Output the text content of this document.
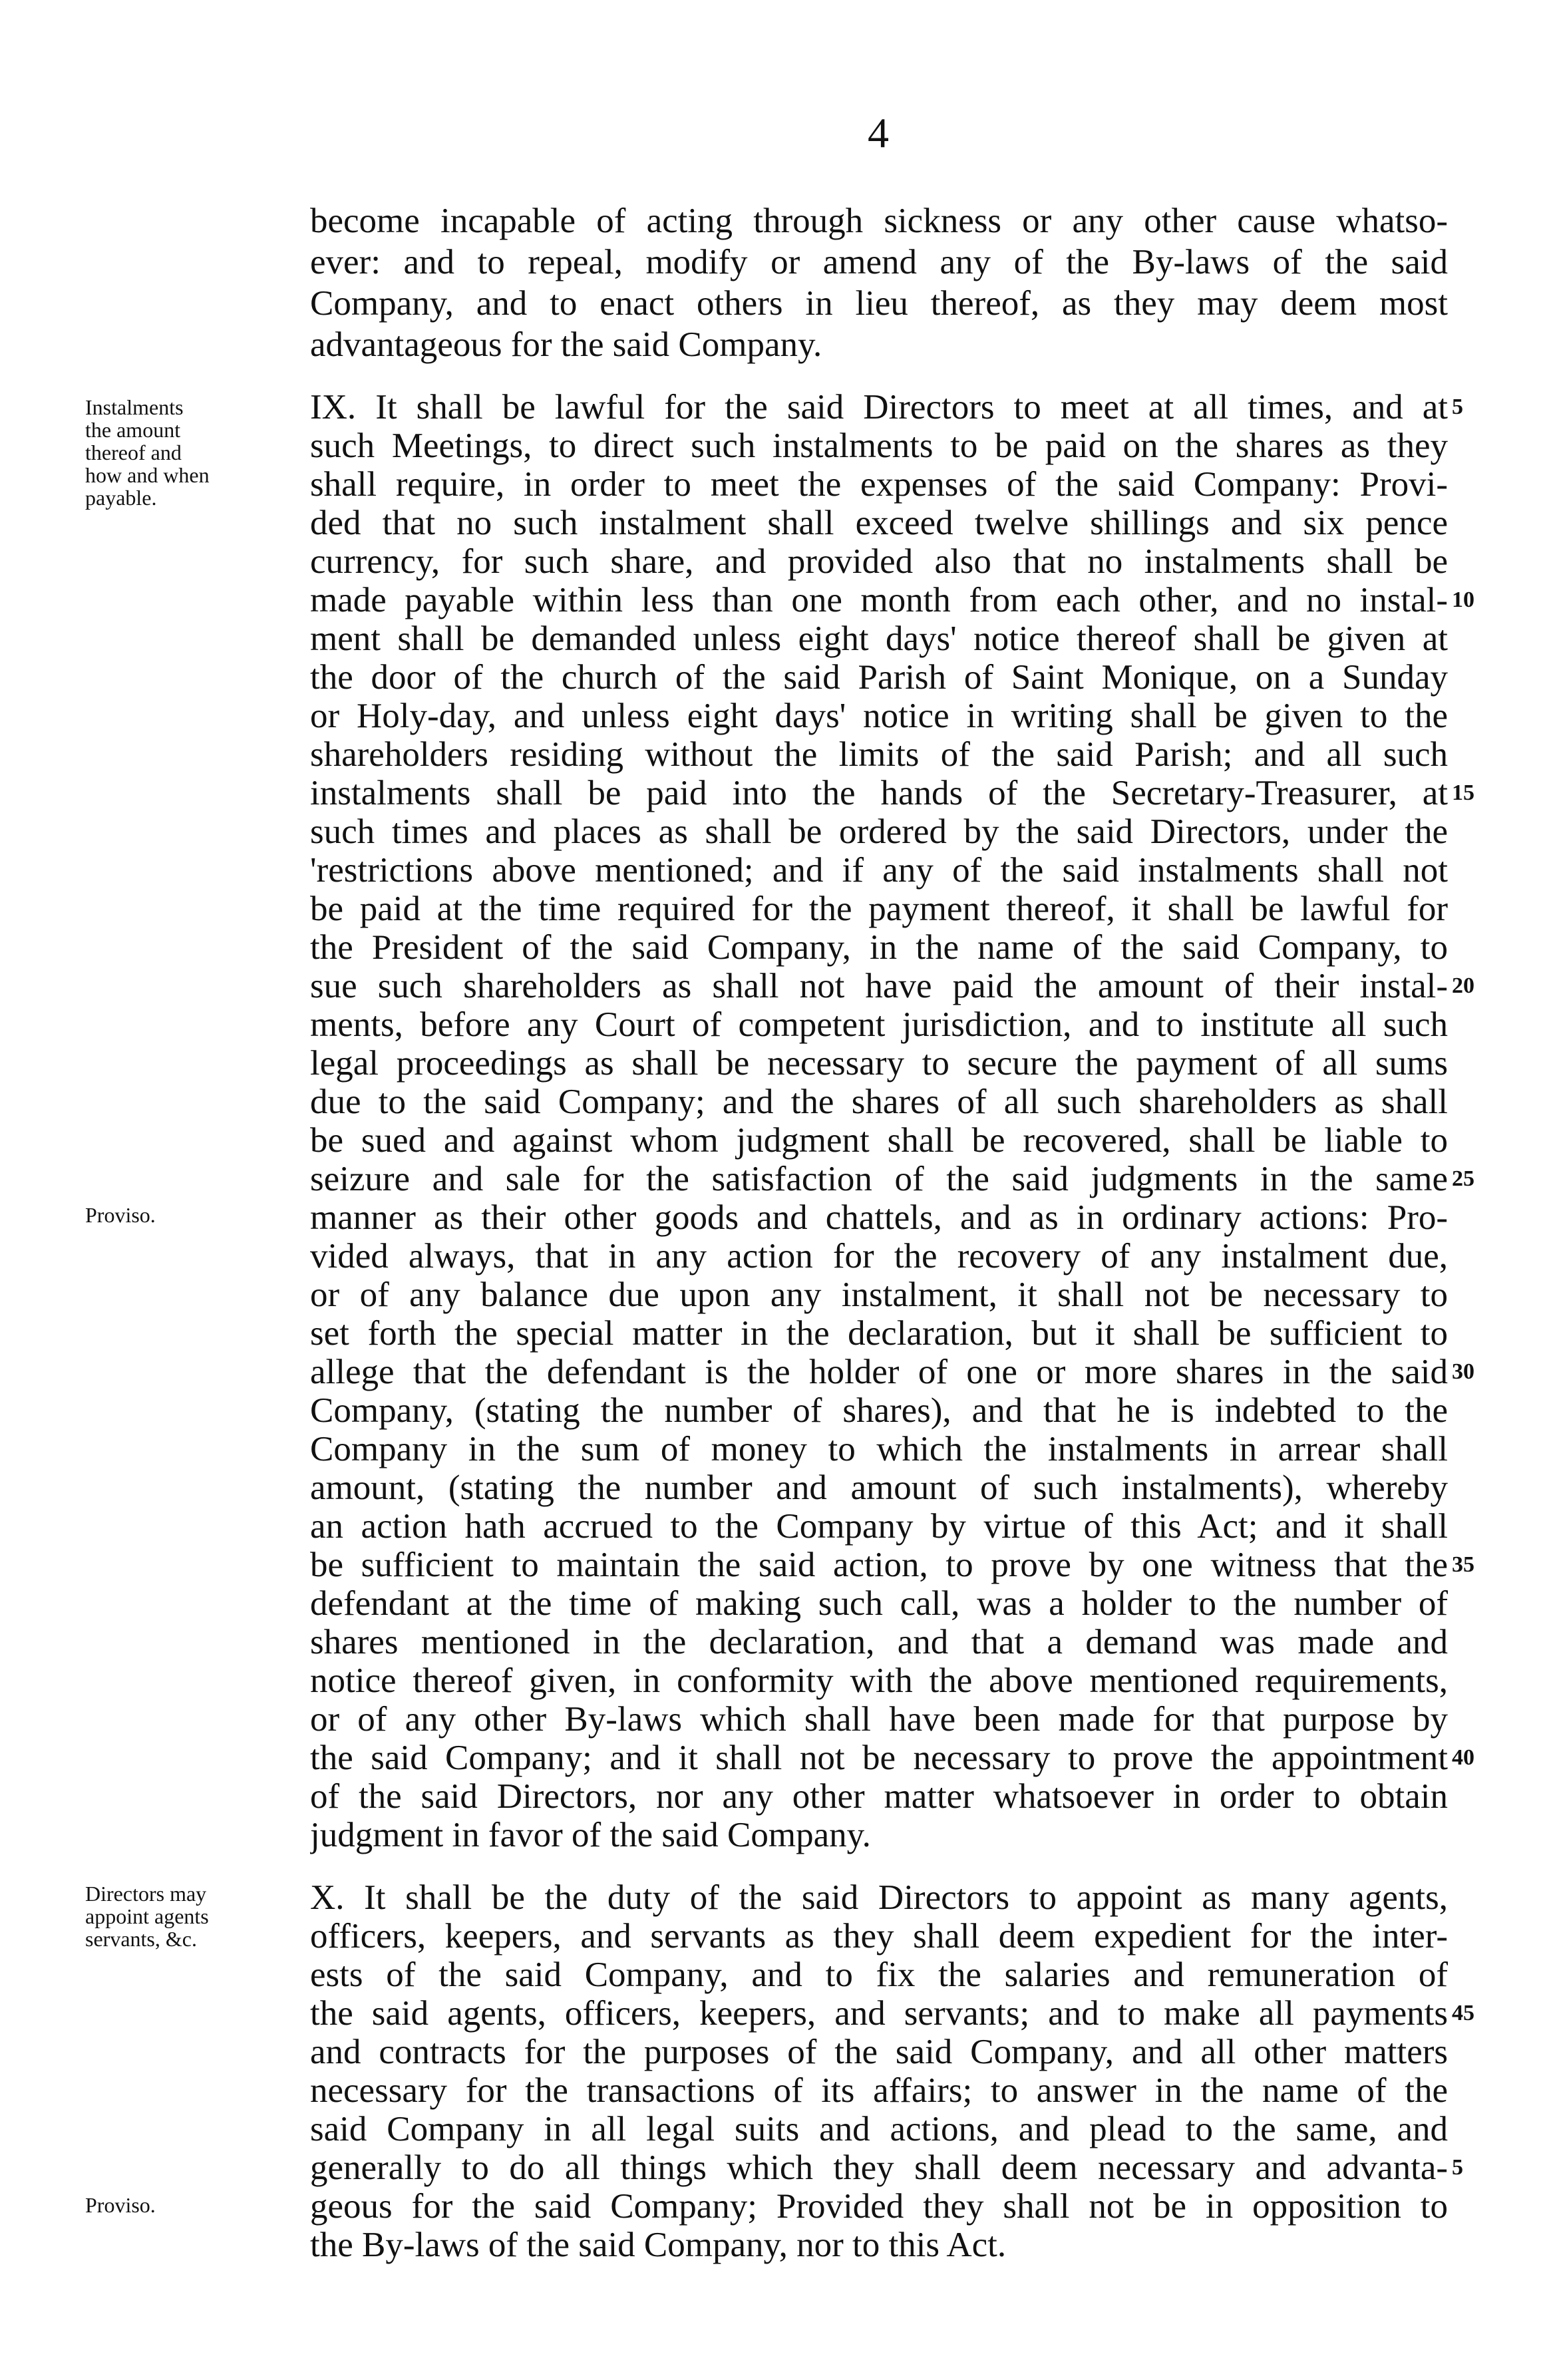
4
become incapable of acting through sickness or any other cause whatso-
ever: and to repeal, modify or amend any of the By-laws of the said
Company, and to enact others in lieu thereof, as they may deem most
advantageous for the said Company.
IX. It shall be lawful for the said Directors to meet at all times, and at
such Meetings, to direct such instalments to be paid on the shares as they
shall require, in order to meet the expenses of the said Company: Provi-
ded that no such instalment shall exceed twelve shillings and six pence
currency, for such share, and provided also that no instalments shall be
made payable within less than one month from each other, and no instal-
ment shall be demanded unless eight days' notice thereof shall be given at
the door of the church of the said Parish of Saint Monique, on a Sunday
or Holy-day, and unless eight days' notice in writing shall be given to the
shareholders residing without the limits of the said Parish; and all such
instalments shall be paid into the hands of the Secretary-Treasurer, at
such times and places as shall be ordered by the said Directors, under the
'restrictions above mentioned; and if any of the said instalments shall not
be paid at the time required for the payment thereof, it shall be lawful for
the President of the said Company, in the name of the said Company, to
sue such shareholders as shall not have paid the amount of their instal-
ments, before any Court of competent jurisdiction, and to institute all such
legal proceedings as shall be necessary to secure the payment of all sums
due to the said Company; and the shares of all such shareholders as shall
be sued and against whom judgment shall be recovered, shall be liable to
seizure and sale for the satisfaction of the said judgments in the same
manner as their other goods and chattels, and as in ordinary actions: Pro-
vided always, that in any action for the recovery of any instalment due,
or of any balance due upon any instalment, it shall not be necessary to
set forth the special matter in the declaration, but it shall be sufficient to
allege that the defendant is the holder of one or more shares in the said
Company, (stating the number of shares), and that he is indebted to the
Company in the sum of money to which the instalments in arrear shall
amount, (stating the number and amount of such instalments), whereby
an action hath accrued to the Company by virtue of this Act; and it shall
be sufficient to maintain the said action, to prove by one witness that the
defendant at the time of making such call, was a holder to the number of
shares mentioned in the declaration, and that a demand was made and
notice thereof given, in conformity with the above mentioned requirements,
or of any other By-laws which shall have been made for that purpose by
the said Company; and it shall not be necessary to prove the appointment
of the said Directors, nor any other matter whatsoever in order to obtain
judgment in favor of the said Company.
X. It shall be the duty of the said Directors to appoint as many agents,
officers, keepers, and servants as they shall deem expedient for the inter-
ests of the said Company, and to fix the salaries and remuneration of
the said agents, officers, keepers, and servants; and to make all payments
and contracts for the purposes of the said Company, and all other matters
necessary for the transactions of its affairs; to answer in the name of the
said Company in all legal suits and actions, and plead to the same, and
generally to do all things which they shall deem necessary and advanta-
geous for the said Company; Provided they shall not be in opposition to
the By-laws of the said Company, nor to this Act.
Instalments
the amount
thereof and
how and when
payable.
Proviso.
Directors may
appoint agents
servants, &c.
Proviso.
5
10
15
20
25
30
35
40
45
5
